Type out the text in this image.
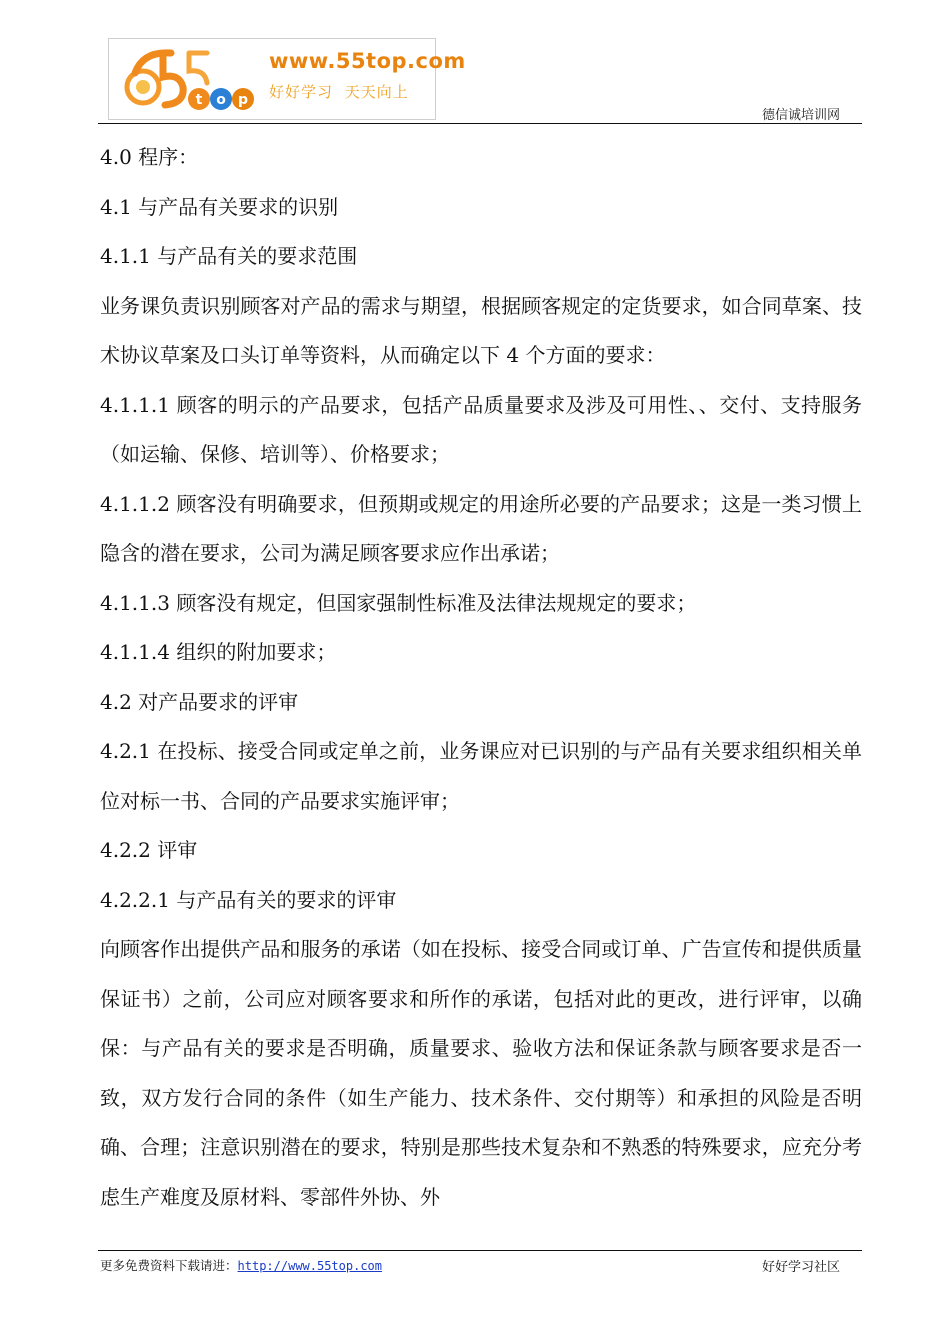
t o p
www.55top.com
好好学习 天天向上
德信诚培训网

4.0 程序：

4.1 与产品有关要求的识别

4.1.1 与产品有关的要求范围

业务课负责识别顾客对产品的需求与期望，根据顾客规定的定货要求，如合同草案、技术协议草案及口头订单等资料，从而确定以下 4 个方面的要求：

4.1.1.1 顾客的明示的产品要求，包括产品质量要求及涉及可用性、、交付、支持服务（如运输、保修、培训等）、价格要求；

4.1.1.2 顾客没有明确要求，但预期或规定的用途所必要的产品要求；这是一类习惯上隐含的潜在要求，公司为满足顾客要求应作出承诺；

4.1.1.3 顾客没有规定，但国家强制性标准及法律法规规定的要求；

4.1.1.4 组织的附加要求；

4.2 对产品要求的评审

4.2.1 在投标、接受合同或定单之前，业务课应对已识别的与产品有关要求组织相关单位对标一书、合同的产品要求实施评审；

4.2.2 评审

4.2.2.1 与产品有关的要求的评审

向顾客作出提供产品和服务的承诺（如在投标、接受合同或订单、广告宣传和提供质量保证书）之前，公司应对顾客要求和所作的承诺，包括对此的更改，进行评审，以确保：与产品有关的要求是否明确，质量要求、验收方法和保证条款与顾客要求是否一致，双方发行合同的条件（如生产能力、技术条件、交付期等）和承担的风险是否明确、合理；注意识别潜在的要求，特别是那些技术复杂和不熟悉的特殊要求，应充分考虑生产难度及原材料、零部件外协、外

更多免费资料下载请进：http://www.55top.com	好好学习社区
